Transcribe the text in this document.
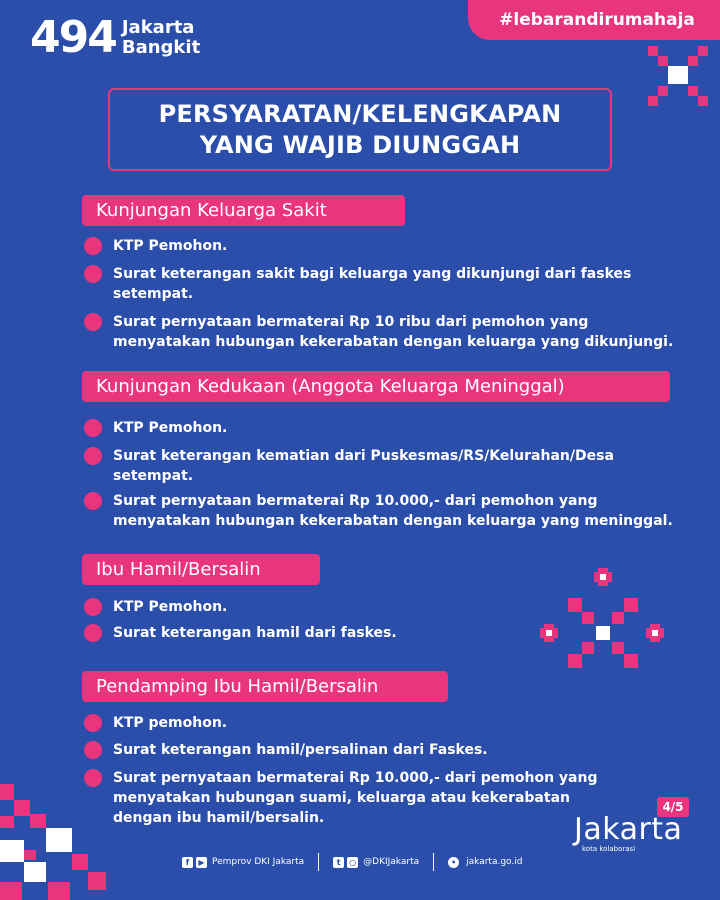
494 Jakarta
Bangkit
#lebarandirumahaja
PERSYARATAN/KELENGKAPAN
YANG WAJIB DIUNGGAH
Kunjungan Keluarga Sakit
KTP Pemohon.
Surat keterangan sakit bagi keluarga yang dikunjungi dari faskes setempat.
Surat pernyataan bermaterai Rp 10 ribu dari pemohon yang menyatakan hubungan kekerabatan dengan keluarga yang dikunjungi.
Kunjungan Kedukaan (Anggota Keluarga Meninggal)
KTP Pemohon.
Surat keterangan kematian dari Puskesmas/RS/Kelurahan/Desa setempat.
Surat pernyataan bermaterai Rp 10.000,- dari pemohon yang menyatakan hubungan kekerabatan dengan keluarga yang meninggal.
Ibu Hamil/Bersalin
KTP Pemohon.
Surat keterangan hamil dari faskes.
Pendamping Ibu Hamil/Bersalin
KTP pemohon.
Surat keterangan hamil/persalinan dari Faskes.
Surat pernyataan bermaterai Rp 10.000,- dari pemohon yang menyatakan hubungan suami, keluarga atau kekerabatan dengan ibu hamil/bersalin.
4/5
Jakarta
kota kolaborasi
f	▶ Pemprov DKI Jakarta	t	○ @DKIJakarta	•	jakarta.go.id
